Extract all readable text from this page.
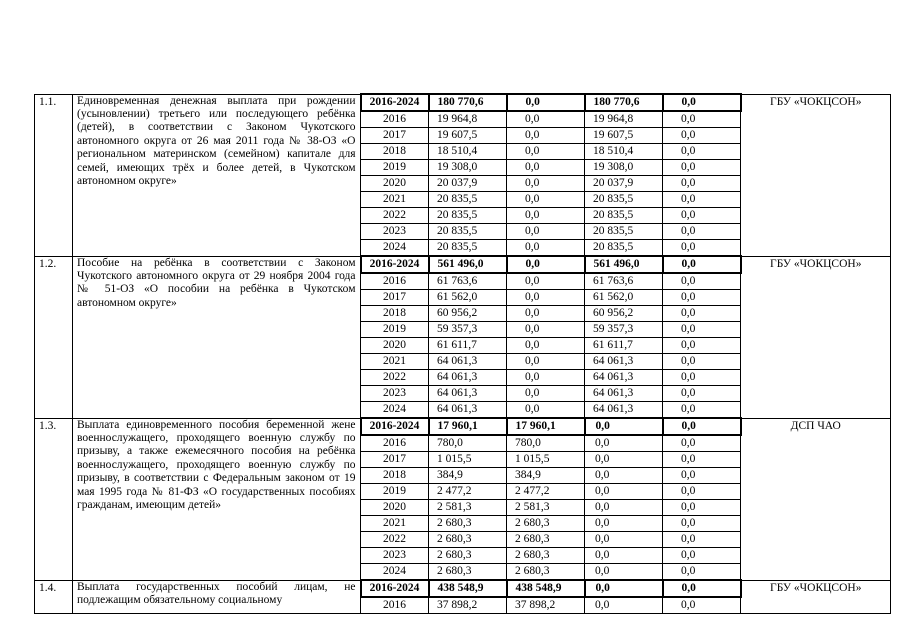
1.1.	Единовременная денежная выплата при рождении (усыновлении) третьего или последующего ребёнка (детей), в соответствии с Законом Чукотского автономного округа от 26 мая 2011 года № 38-ОЗ «О региональном материнском (семейном) капитале для семей, имеющих трёх и более детей, в Чукотском автономном округе»	2016-2024	180 770,6	0,0	180 770,6	0,0	ГБУ «ЧОКЦСОН»
		2016	19 964,8	0,0	19 964,8	0,0	
		2017	19 607,5	0,0	19 607,5	0,0	
		2018	18 510,4	0,0	18 510,4	0,0	
		2019	19 308,0	0,0	19 308,0	0,0	
		2020	20 037,9	0,0	20 037,9	0,0	
		2021	20 835,5	0,0	20 835,5	0,0	
		2022	20 835,5	0,0	20 835,5	0,0	
		2023	20 835,5	0,0	20 835,5	0,0	
		2024	20 835,5	0,0	20 835,5	0,0	
1.2.	Пособие на ребёнка в соответствии с Законом Чукотского автономного округа от 29 ноября 2004 года № 51-ОЗ «О пособии на ребёнка в Чукотском автономном округе»	2016-2024	561 496,0	0,0	561 496,0	0,0	ГБУ «ЧОКЦСОН»
		2016	61 763,6	0,0	61 763,6	0,0	
		2017	61 562,0	0,0	61 562,0	0,0	
		2018	60 956,2	0,0	60 956,2	0,0	
		2019	59 357,3	0,0	59 357,3	0,0	
		2020	61 611,7	0,0	61 611,7	0,0	
		2021	64 061,3	0,0	64 061,3	0,0	
		2022	64 061,3	0,0	64 061,3	0,0	
		2023	64 061,3	0,0	64 061,3	0,0	
		2024	64 061,3	0,0	64 061,3	0,0	
1.3.	Выплата единовременного пособия беременной жене военнослужащего, проходящего военную службу по призыву, а также ежемесячного пособия на ребёнка военнослужащего, проходящего военную службу по призыву, в соответствии с Федеральным законом от 19 мая 1995 года № 81-ФЗ «О государственных пособиях гражданам, имеющим детей»	2016-2024	17 960,1	17 960,1	0,0	0,0	ДСП ЧАО
		2016	780,0	780,0	0,0	0,0	
		2017	1 015,5	1 015,5	0,0	0,0	
		2018	384,9	384,9	0,0	0,0	
		2019	2 477,2	2 477,2	0,0	0,0	
		2020	2 581,3	2 581,3	0,0	0,0	
		2021	2 680,3	2 680,3	0,0	0,0	
		2022	2 680,3	2 680,3	0,0	0,0	
		2023	2 680,3	2 680,3	0,0	0,0	
		2024	2 680,3	2 680,3	0,0	0,0	
1.4.	Выплата государственных пособий лицам, не подлежащим обязательному социальному	2016-2024	438 548,9	438 548,9	0,0	0,0	ГБУ «ЧОКЦСОН»
		2016	37 898,2	37 898,2	0,0	0,0	
